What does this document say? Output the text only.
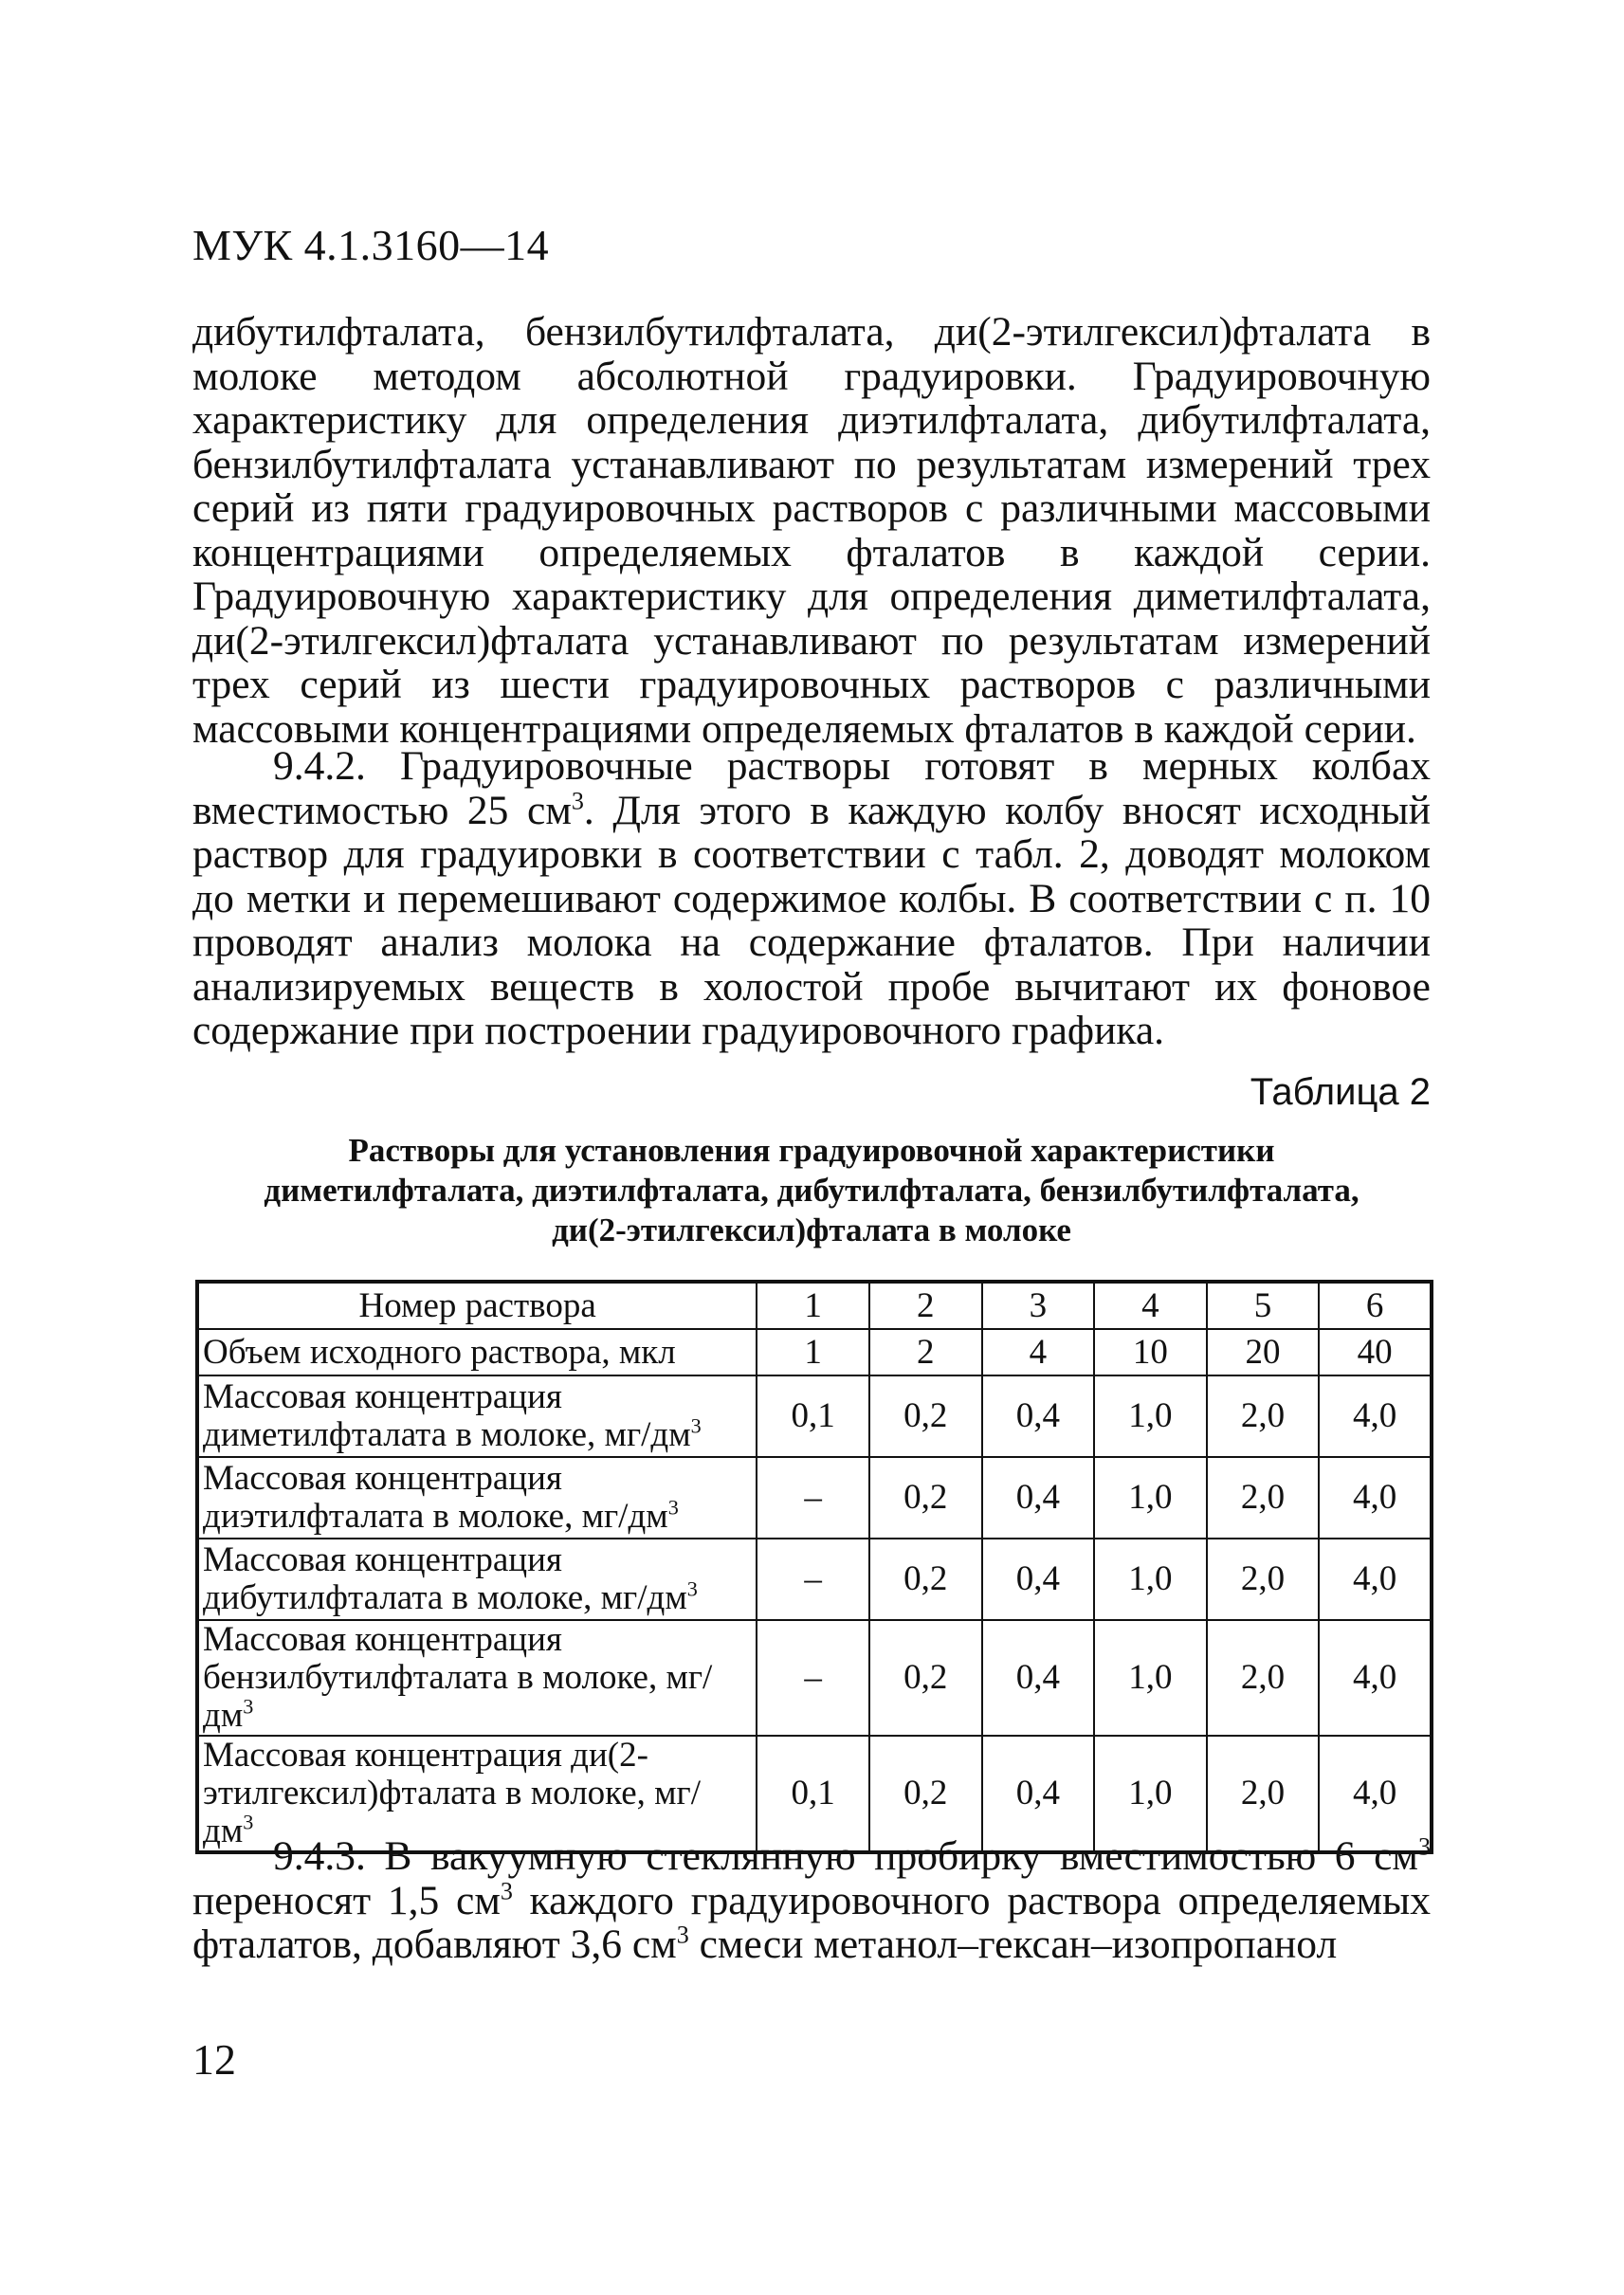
МУК 4.1.3160—14

дибутилфталата, бензилбутилфталата, ди(2-этилгексил)фталата в молоке методом абсолютной градуировки. Градуировочную характеристику для определения диэтилфталата, дибутилфталата, бензилбутилфталата устанавливают по результатам измерений трех серий из пяти градуировочных растворов с различными массовыми концентрациями определяемых фталатов в каждой серии. Градуировочную характеристику для определения диметилфталата, ди(2-этилгексил)фталата устанавливают по результатам измерений трех серий из шести градуировочных растворов с различными массовыми концентрациями определяемых фталатов в каждой серии.

9.4.2. Градуировочные растворы готовят в мерных колбах вместимостью 25 $см^3$. Для этого в каждую колбу вносят исходный раствор для градуировки в соответствии с табл. 2, доводят молоком до метки и перемешивают содержимое колбы. В соответствии с п. 10 проводят анализ молока на содержание фталатов. При наличии анализируемых веществ в холостой пробе вычитают их фоновое содержание при построении градуировочного графика.

Таблица 2
Растворы для установления градуировочной характеристики
диметилфталата, диэтилфталата, дибутилфталата, бензилбутилфталата,
ди(2-этилгексил)фталата в молоке
Номер раствора	1	2	3	4	5	6
Объем исходного раствора, мкл	1	2	4	10	20	40
Массовая концентрация диметилфталата в молоке, $мг/дм^3$	0,1	0,2	0,4	1,0	2,0	4,0
Массовая концентрация диэтилфталата в молоке, $мг/дм^3$	–	0,2	0,4	1,0	2,0	4,0
Массовая концентрация дибутилфталата в молоке, $мг/дм^3$	–	0,2	0,4	1,0	2,0	4,0
Массовая концентрация бензилбутилфталата в молоке, $мг/дм^3$	–	0,2	0,4	1,0	2,0	4,0
Массовая концентрация ди(2-этилгексил)фталата в молоке, $мг/дм^3$	0,1	0,2	0,4	1,0	2,0	4,0

9.4.3. В вакуумную стеклянную пробирку вместимостью 6 $см^3$ переносят 1,5 $см^3$ каждого градуировочного раствора определяемых фталатов, добавляют 3,6 $см^3$ смеси метанол–гексан–изопропанол

12
